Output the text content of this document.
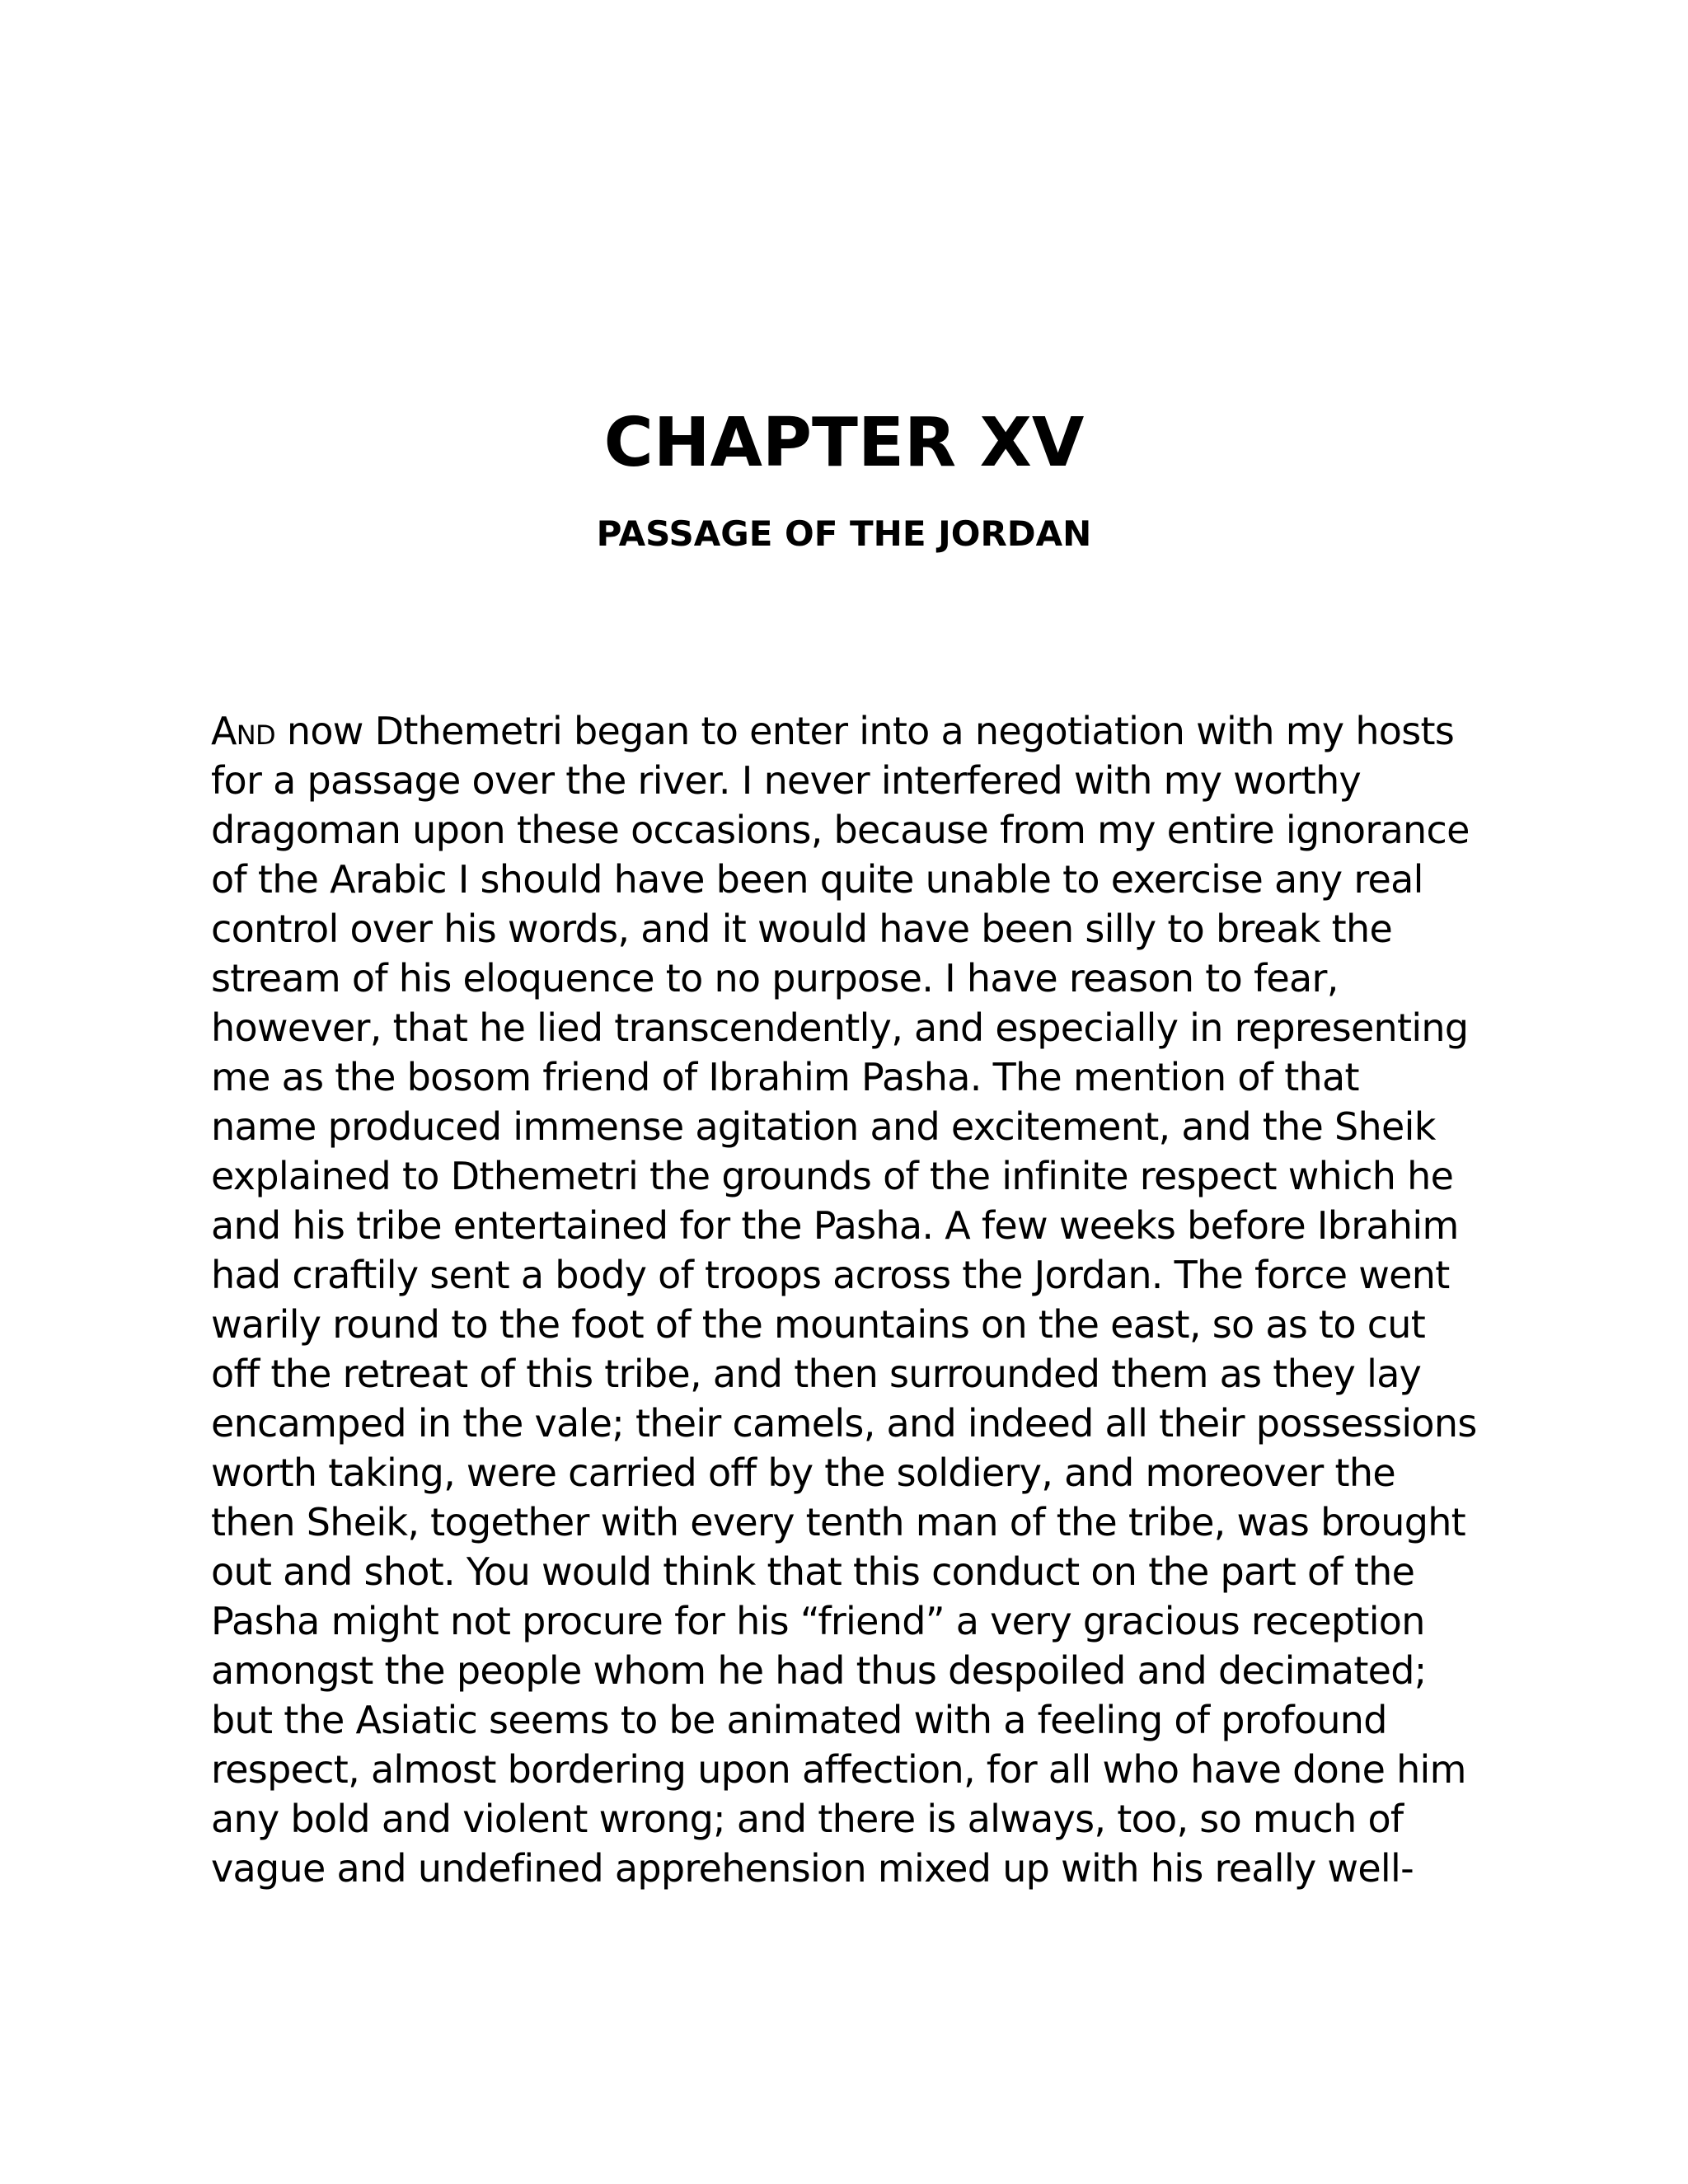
CHAPTER XV
PASSAGE OF THE JORDAN
And now Dthemetri began to enter into a negotiation with my hosts
for a passage over the river. I never interfered with my worthy
dragoman upon these occasions, because from my entire ignorance
of the Arabic I should have been quite unable to exercise any real
control over his words, and it would have been silly to break the
stream of his eloquence to no purpose. I have reason to fear,
however, that he lied transcendently, and especially in representing
me as the bosom friend of Ibrahim Pasha. The mention of that
name produced immense agitation and excitement, and the Sheik
explained to Dthemetri the grounds of the infinite respect which he
and his tribe entertained for the Pasha. A few weeks before Ibrahim
had craftily sent a body of troops across the Jordan. The force went
warily round to the foot of the mountains on the east, so as to cut
off the retreat of this tribe, and then surrounded them as they lay
encamped in the vale; their camels, and indeed all their possessions
worth taking, were carried off by the soldiery, and moreover the
then Sheik, together with every tenth man of the tribe, was brought
out and shot. You would think that this conduct on the part of the
Pasha might not procure for his “friend” a very gracious reception
amongst the people whom he had thus despoiled and decimated;
but the Asiatic seems to be animated with a feeling of profound
respect, almost bordering upon affection, for all who have done him
any bold and violent wrong; and there is always, too, so much of
vague and undefined apprehension mixed up with his really well-
